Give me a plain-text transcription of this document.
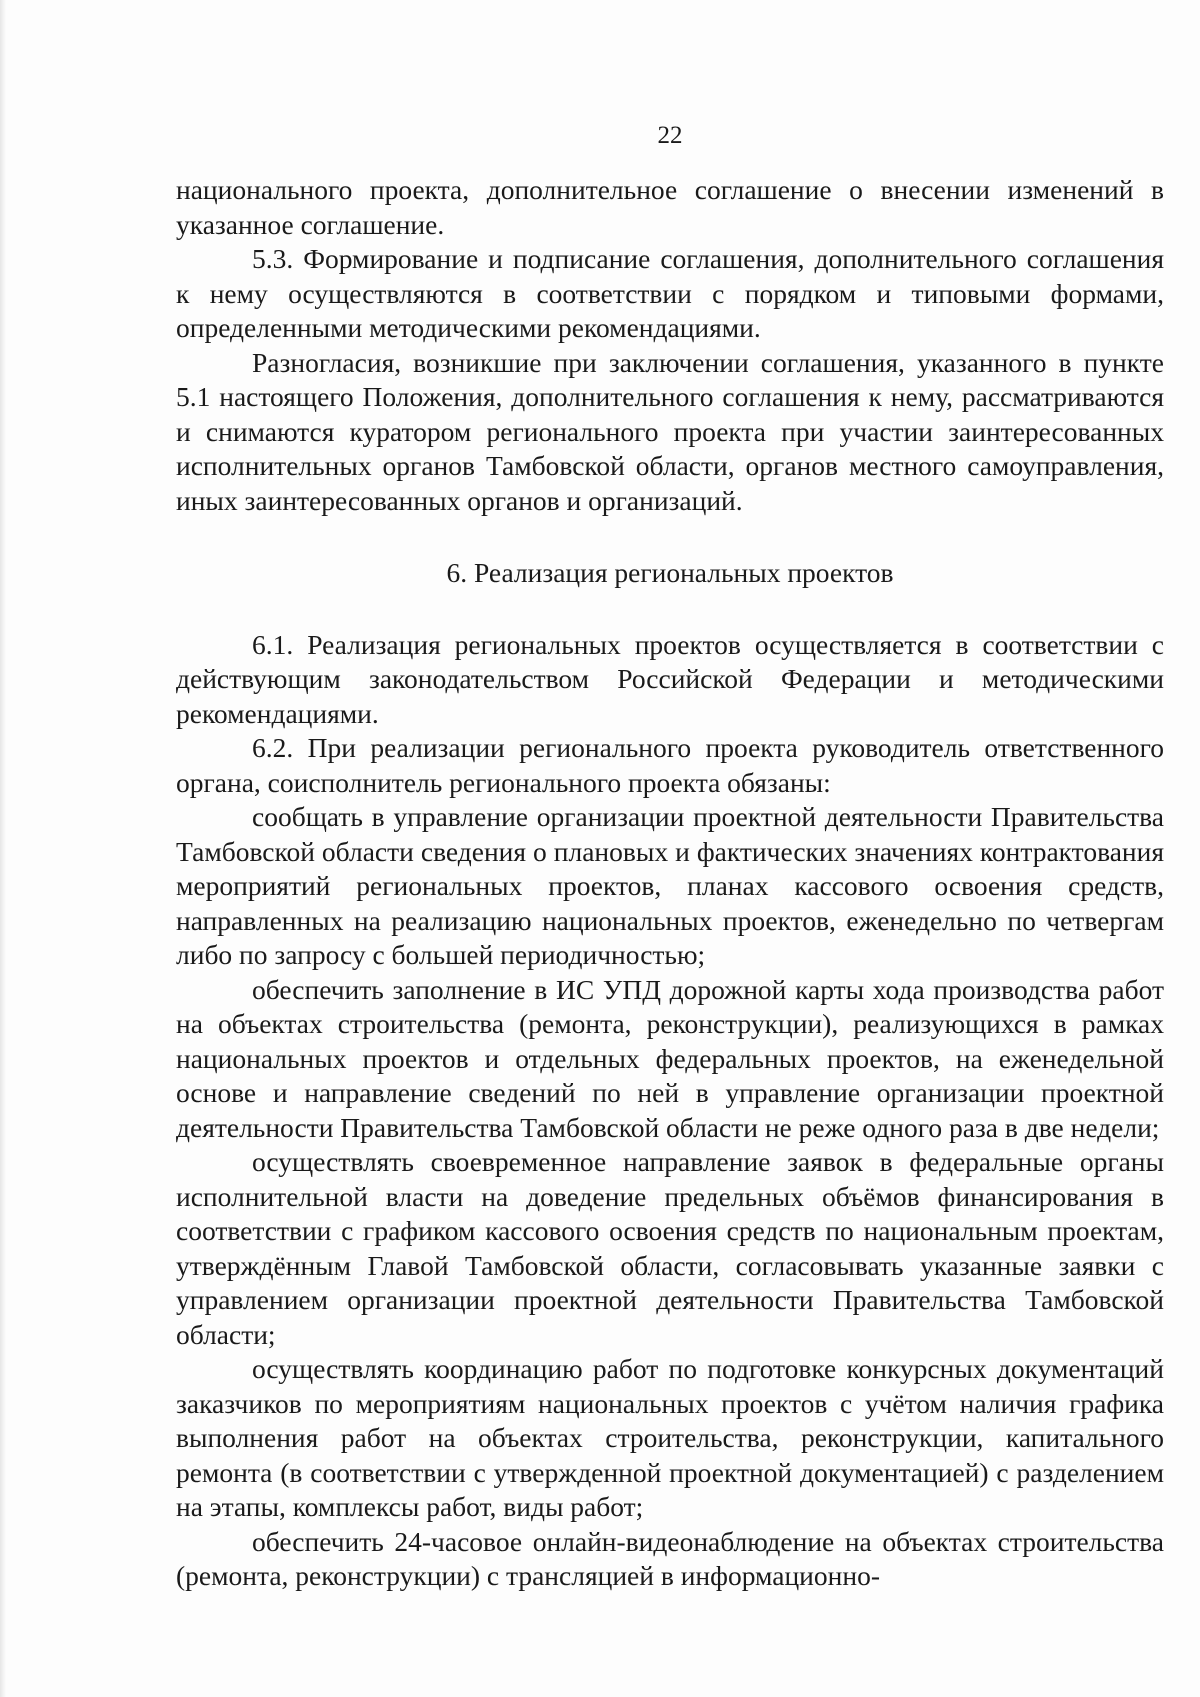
22

национального проекта, дополнительное соглашение о внесении изменений в указанное соглашение.

5.3. Формирование и подписание соглашения, дополнительного соглашения к нему осуществляются в соответствии с порядком и типовыми формами, определенными методическими рекомендациями.

Разногласия, возникшие при заключении соглашения, указанного в пункте 5.1 настоящего Положения, дополнительного соглашения к нему, рассматриваются и снимаются куратором регионального проекта при участии заинтересованных исполнительных органов Тамбовской области, органов местного самоуправления, иных заинтересованных органов и организаций.

6. Реализация региональных проектов

6.1. Реализация региональных проектов осуществляется в соответствии с действующим законодательством Российской Федерации и методическими рекомендациями.

6.2. При реализации регионального проекта руководитель ответственного органа, соисполнитель регионального проекта обязаны:

сообщать в управление организации проектной деятельности Правительства Тамбовской области сведения о плановых и фактических значениях контрактования мероприятий региональных проектов, планах кассового освоения средств, направленных на реализацию национальных проектов, еженедельно по четвергам либо по запросу с большей периодичностью;

обеспечить заполнение в ИС УПД дорожной карты хода производства работ на объектах строительства (ремонта, реконструкции), реализующихся в рамках национальных проектов и отдельных федеральных проектов, на еженедельной основе и направление сведений по ней в управление организации проектной деятельности Правительства Тамбовской области не реже одного раза в две недели;

осуществлять своевременное направление заявок в федеральные органы исполнительной власти на доведение предельных объёмов финансирования в соответствии с графиком кассового освоения средств по национальным проектам, утверждённым Главой Тамбовской области, согласовывать указанные заявки с управлением организации проектной деятельности Правительства Тамбовской области;

осуществлять координацию работ по подготовке конкурсных документаций заказчиков по мероприятиям национальных проектов с учётом наличия графика выполнения работ на объектах строительства, реконструкции, капитального ремонта (в соответствии с утвержденной проектной документацией) с разделением на этапы, комплексы работ, виды работ;

обеспечить 24-часовое онлайн-видеонаблюдение на объектах строительства (ремонта, реконструкции) с трансляцией в информационно-
